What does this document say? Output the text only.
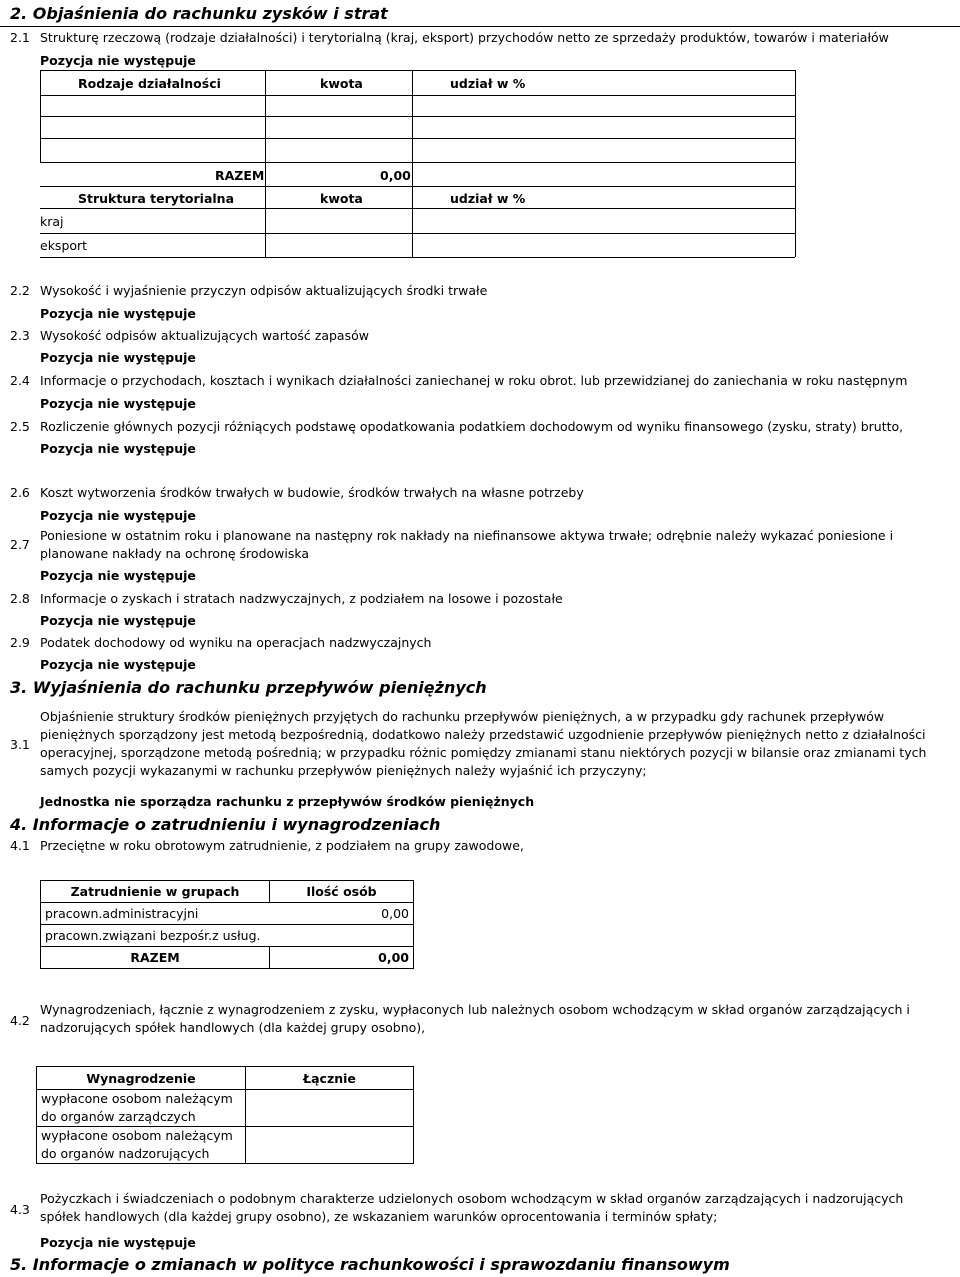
2. Objaśnienia do rachunku zysków i strat
2.1 Strukturę rzeczową (rodzaje działalności) i terytorialną (kraj, eksport) przychodów netto ze sprzedaży produktów, towarów i materiałów
Pozycja nie występuje
Rodzaje działalności	kwota	udział w %
RAZEM	0,00
Struktura terytorialna	kwota	udział w %
kraj
eksport
2.2 Wysokość i wyjaśnienie przyczyn odpisów aktualizujących środki trwałe
Pozycja nie występuje
2.3 Wysokość odpisów aktualizujących wartość zapasów
Pozycja nie występuje
2.4 Informacje o przychodach, kosztach i wynikach działalności zaniechanej w roku obrot. lub przewidzianej do zaniechania w roku następnym
Pozycja nie występuje
2.5 Rozliczenie głównych pozycji różniących podstawę opodatkowania podatkiem dochodowym od wyniku finansowego (zysku, straty) brutto,
Pozycja nie występuje
2.6 Koszt wytworzenia środków trwałych w budowie, środków trwałych na własne potrzeby
Pozycja nie występuje
2.7
Poniesione w ostatnim roku i planowane na następny rok nakłady na niefinansowe aktywa trwałe; odrębnie należy wykazać poniesione i planowane nakłady na ochronę środowiska
Pozycja nie występuje
2.8 Informacje o zyskach i stratach nadzwyczajnych, z podziałem na losowe i pozostałe
Pozycja nie występuje
2.9 Podatek dochodowy od wyniku na operacjach nadzwyczajnych
Pozycja nie występuje
3. Wyjaśnienia do rachunku przepływów pieniężnych
3.1
Objaśnienie struktury środków pieniężnych przyjętych do rachunku przepływów pieniężnych, a w przypadku gdy rachunek przepływów pieniężnych sporządzony jest metodą bezpośrednią, dodatkowo należy przedstawić uzgodnienie przepływów pieniężnych netto z działalności operacyjnej, sporządzone metodą pośrednią; w przypadku różnic pomiędzy zmianami stanu niektórych pozycji w bilansie oraz zmianami tych samych pozycji wykazanymi w rachunku przepływów pieniężnych należy wyjaśnić ich przyczyny;
Jednostka nie sporządza rachunku z przepływów środków pieniężnych
4. Informacje o zatrudnieniu i wynagrodzeniach
4.1 Przeciętne w roku obrotowym zatrudnienie, z podziałem na grupy zawodowe,
Zatrudnienie w grupach	Ilość osób
pracown.administracyjni	0,00
pracown.związani bezpośr.z usług.	
RAZEM	0,00
4.2
Wynagrodzeniach, łącznie z wynagrodzeniem z zysku, wypłaconych lub należnych osobom wchodzącym w skład organów zarządzających i nadzorujących spółek handlowych (dla każdej grupy osobno),
Wynagrodzenie	Łącznie
wypłacone osobom należącym do organów zarządczych	
wypłacone osobom należącym do organów nadzorujących	
4.3
Pożyczkach i świadczeniach o podobnym charakterze udzielonych osobom wchodzącym w skład organów zarządzających i nadzorujących spółek handlowych (dla każdej grupy osobno), ze wskazaniem warunków oprocentowania i terminów spłaty;
Pozycja nie występuje
5. Informacje o zmianach w polityce rachunkowości i sprawozdaniu finansowym
